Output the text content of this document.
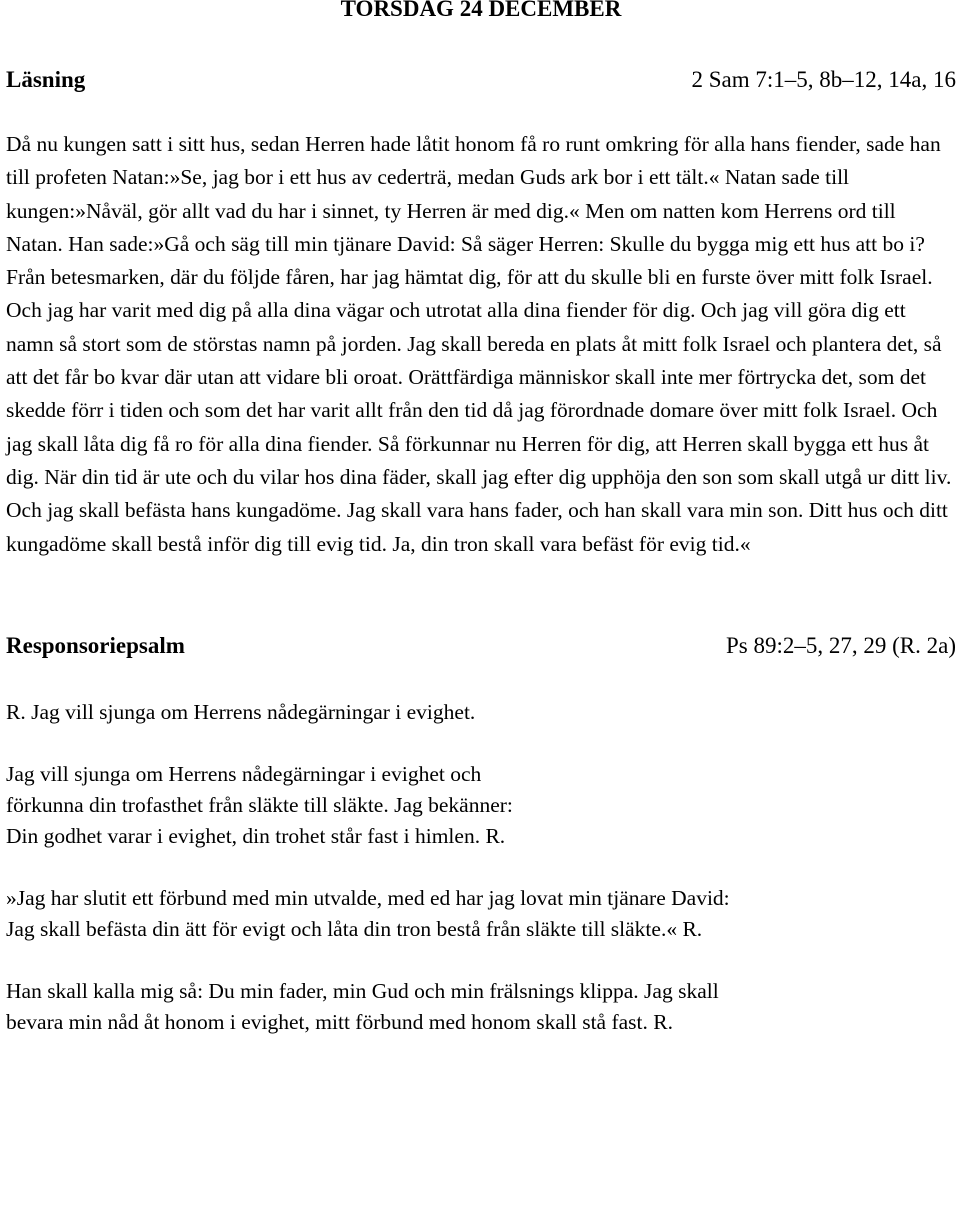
TORSDAG 24 DECEMBER
Läsning	2 Sam 7:1–5, 8b–12, 14a, 16

Då nu kungen satt i sitt hus, sedan Herren hade låtit honom få ro runt omkring för alla hans fiender, sade han till profeten Natan:»Se, jag bor i ett hus av cederträ, medan Guds ark bor i ett tält.« Natan sade till kungen:»Nåväl, gör allt vad du har i sinnet, ty Herren är med dig.« Men om natten kom Herrens ord till Natan. Han sade:»Gå och säg till min tjänare David: Så säger Herren: Skulle du bygga mig ett hus att bo i? Från betesmarken, där du följde fåren, har jag hämtat dig, för att du skulle bli en furste över mitt folk Israel. Och jag har varit med dig på alla dina vägar och utrotat alla dina fiender för dig. Och jag vill göra dig ett namn så stort som de störstas namn på jorden. Jag skall bereda en plats åt mitt folk Israel och plantera det, så att det får bo kvar där utan att vidare bli oroat. Orättfärdiga människor skall inte mer förtrycka det, som det skedde förr i tiden och som det har varit allt från den tid då jag förordnade domare över mitt folk Israel. Och jag skall låta dig få ro för alla dina fiender. Så förkunnar nu Herren för dig, att Herren skall bygga ett hus åt dig. När din tid är ute och du vilar hos dina fäder, skall jag efter dig upphöja den son som skall utgå ur ditt liv. Och jag skall befästa hans kungadöme. Jag skall vara hans fader, och han skall vara min son. Ditt hus och ditt kungadöme skall bestå inför dig till evig tid. Ja, din tron skall vara befäst för evig tid.«

Responsoriepsalm	Ps 89:2–5, 27, 29 (R. 2a)

R. Jag vill sjunga om Herrens nådegärningar i evighet.

Jag vill sjunga om Herrens nådegärningar i evighet och
förkunna din trofasthet från släkte till släkte. Jag bekänner:
Din godhet varar i evighet, din trohet står fast i himlen. R.

»Jag har slutit ett förbund med min utvalde, med ed har jag lovat min tjänare David:
Jag skall befästa din ätt för evigt och låta din tron bestå från släkte till släkte.« R.

Han skall kalla mig så: Du min fader, min Gud och min frälsnings klippa. Jag skall
bevara min nåd åt honom i evighet, mitt förbund med honom skall stå fast. R.
